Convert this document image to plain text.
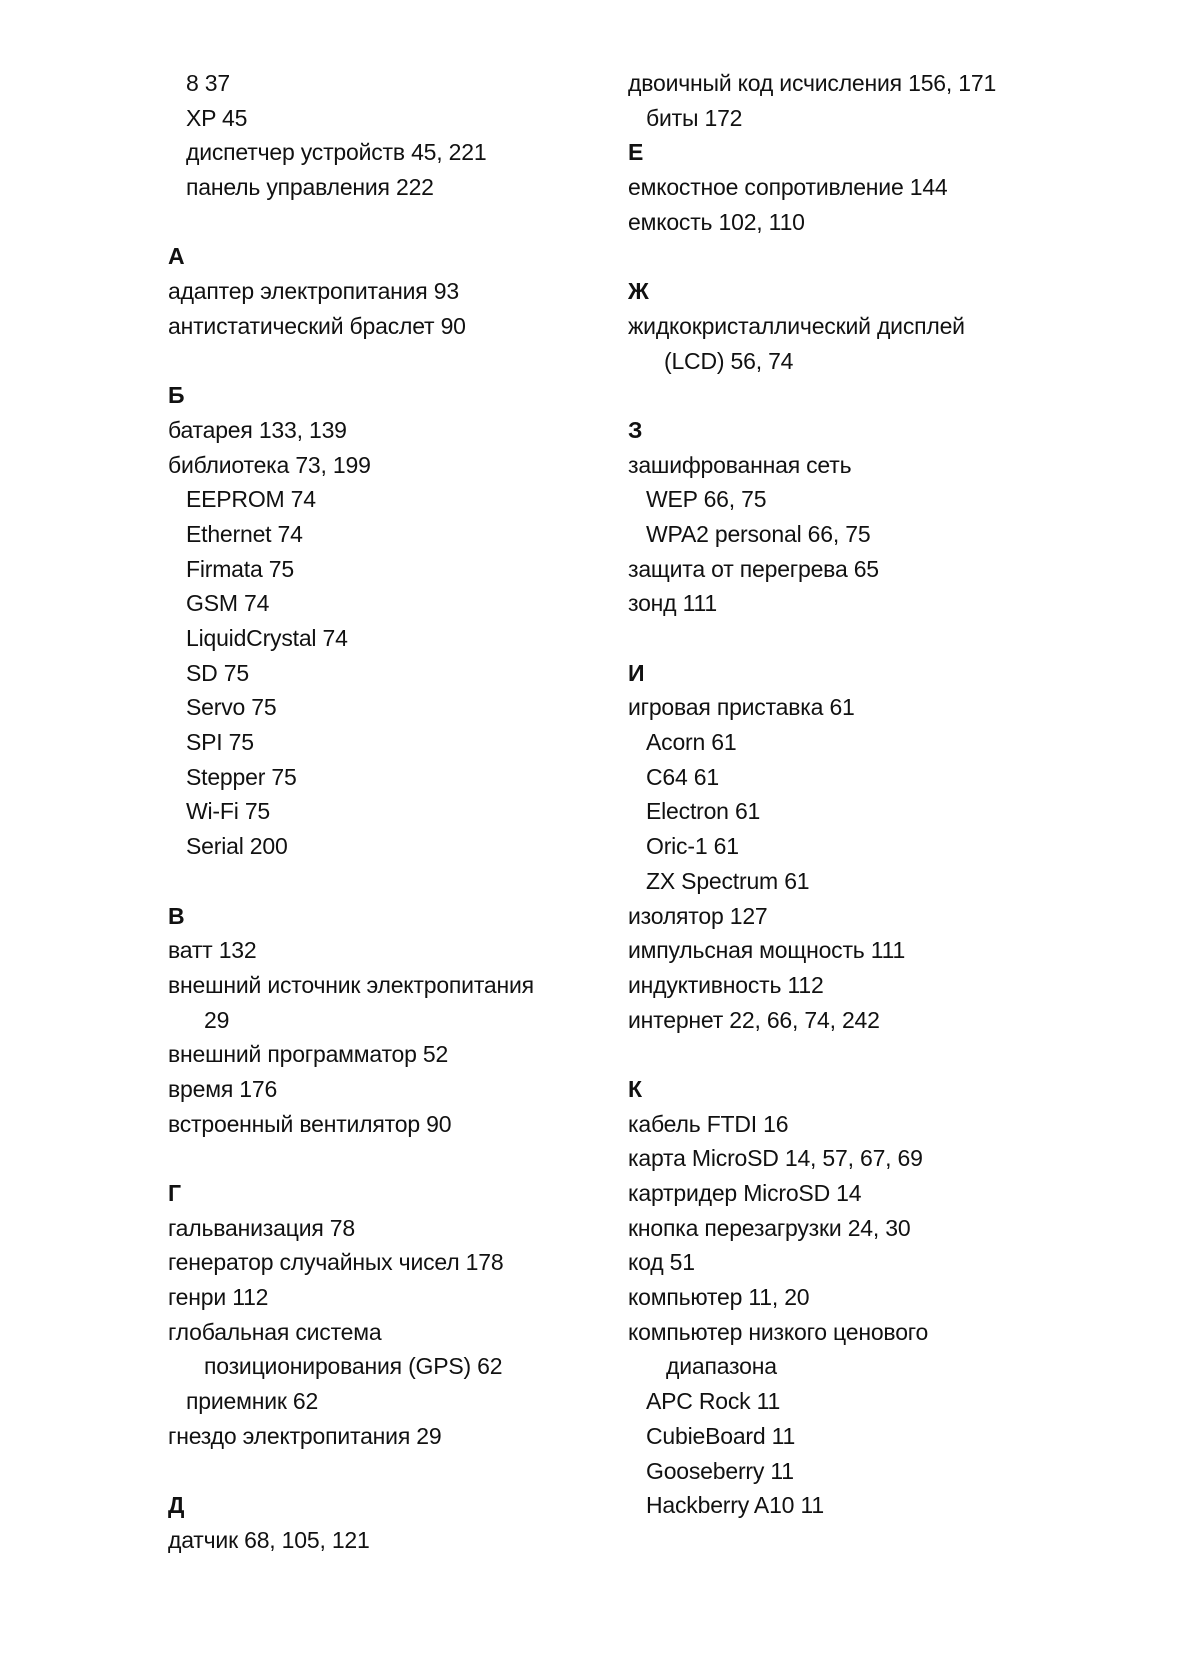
8 37
XP 45
диспетчер устройств 45, 221
панель управления 222
А
адаптер электропитания 93
антистатический браслет 90
Б
батарея 133, 139
библиотека 73, 199
EEPROM 74
Ethernet 74
Firmata 75
GSM 74
LiquidCrystal 74
SD 75
Servo 75
SPI 75
Stepper 75
Wi-Fi 75
Serial 200
В
ватт 132
внешний источник электропитания
29
внешний программатор 52
время 176
встроенный вентилятор 90
Г
гальванизация 78
генератор случайных чисел 178
генри 112
глобальная система
позиционирования (GPS) 62
приемник 62
гнездо электропитания 29
Д
датчик 68, 105, 121
двоичный код исчисления 156, 171
биты 172
Е
емкостное сопротивление 144
емкость 102, 110
Ж
жидкокристаллический дисплей
(LCD) 56, 74
З
зашифрованная сеть
WEP 66, 75
WPA2 personal 66, 75
защита от перегрева 65
зонд 111
И
игровая приставка 61
Acorn 61
C64 61
Electron 61
Oric-1 61
ZX Spectrum 61
изолятор 127
импульсная мощность 111
индуктивность 112
интернет 22, 66, 74, 242
К
кабель FTDI 16
карта MicroSD 14, 57, 67, 69
картридер MicroSD 14
кнопка перезагрузки 24, 30
код 51
компьютер 11, 20
компьютер низкого ценового
диапазона
APC Rock 11
CubieBoard 11
Gooseberry 11
Hackberry A10 11
